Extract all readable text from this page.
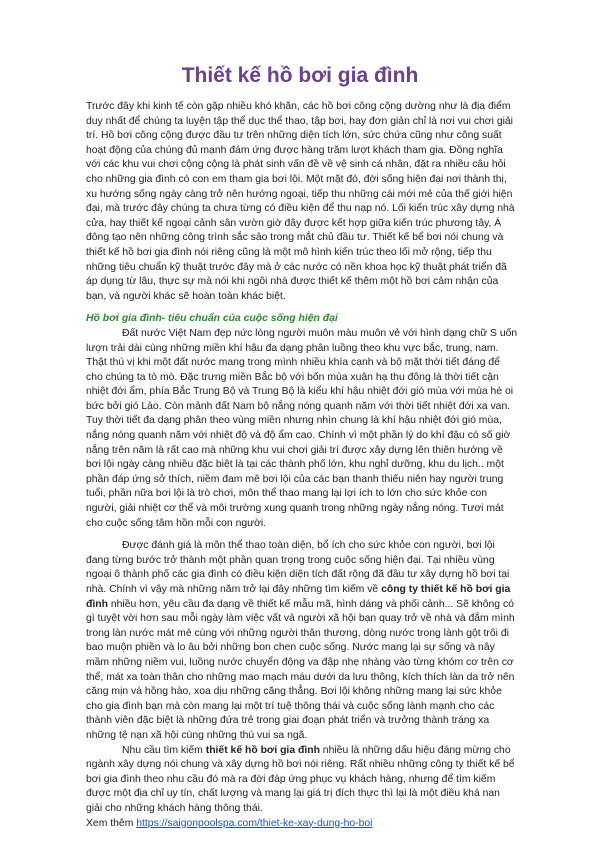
Thiết kế hồ bơi gia đình

Trước đây khi kinh tế còn gặp nhiều khó khăn, các hồ bơi công cộng dường như là địa điểm duy nhất để chúng ta luyện tập thể dục thể thao, tập bơi, hay đơn giản chỉ là nơi vui chơi giải trí. Hồ bơi công cộng được đầu tư trên những diện tích lớn, sức chứa cũng như công suất hoạt động của chúng đủ mạnh đám ứng được hàng trăm lượt khách tham gia. Đồng nghĩa với các khu vui chơi cộng cộng là phát sinh vấn đề về vệ sinh cá nhân, đặt ra nhiều câu hỏi cho những gia đình có con em tham gia bơi lội. Một mặt đó, đời sống hiện đại nơi thành thị, xu hướng sống ngày càng trở nên hướng ngoại, tiếp thu những cái mới mẻ của thế giới hiện đại, mà trước đây chúng ta chưa từng có điều kiện để thu nạp nó. Lối kiến trúc xây dựng nhà cửa, hay thiết kế ngoại cảnh sân vườn giờ đây được kết hợp giữa kiến trúc phương tây, Á đông tạo nên những công trình sắc sảo trong mắt chủ đầu tư. Thiết kế bể bơi nói chung và thiết kế hồ bơi gia đình nói riêng cũng là một mô hình kiến trúc theo lối mở rộng, tiếp thu những tiêu chuẩn kỹ thuật trước đây mà ở các nước có nền khoa học kỹ thuật phát triển đã áp dụng từ lâu, thực sự mà nói khi ngôi nhà được thiết kế thêm một hồ bơi cảm nhận của bạn, và người khác sẽ hoàn toàn khác biệt.

Hồ bơi gia đình- tiêu chuẩn của cuộc sống hiện đại

Đất nước Việt Nam đẹp nức lòng người muôn màu muôn vẻ với hình dạng chữ S uốn lượn trải dài cùng những miền khí hậu đa dạng phân luồng theo khu vực bắc, trung, nam. Thật thú vị khi một đất nước mang trong mình nhiều khía cạnh và bộ mặt thời tiết đáng để cho chúng ta tò mò. Đặc trưng miền Bắc bộ với bốn mùa xuân hạ thu đông là thời tiết cận nhiệt đới ẩm, phía Bắc Trung Bộ và Trung Bộ là kiểu khí hậu nhiệt đới gió mùa với mùa hè oi bức bởi gió Lào. Còn mảnh đất Nam bộ nắng nóng quanh năm với thời tiết nhiệt đới xa van. Tuy thời tiết đa dạng phân theo vùng miền nhưng nhìn chung là khí hậu nhiệt đới gió mùa, nắng nóng quanh năm với nhiệt độ và độ ẩm cao. Chính vì một phần lý do khí đậu có số giờ nắng trên năm là rất cao mà những khu vui chơi giải trí được xây dựng lên thiên hướng về bơi lội ngày càng nhiều đặc biệt là tại các thành phố lớn, khu nghỉ dưỡng, khu du lịch.. một phần đáp ứng sở thích, niềm đam mê bơi lội của các bạn thanh thiếu niên hay người trung tuổi, phần nữa bơi lội là trò chơi, môn thể thao mang lại lợi ích to lớn cho sức khỏe con người, giải nhiệt cơ thể và môi trường xung quanh trong những ngày nắng nóng. Tươi mát cho cuộc sống tâm hồn mỗi con người.

Được đánh giá là môn thể thao toàn diện, bổ ích cho sức khỏe con người, bơi lội đang từng bước trở thành một phần quan trọng trong cuộc sống hiện đại. Tại nhiều vùng ngoại ô thành phố các gia đình có điều kiện diện tích đất rộng đã đầu tư xây dựng hồ bơi tại nhà. Chính vì vậy mà những năm trở lại đây những tìm kiếm về công ty thiết kế hồ bơi gia đình nhiều hơn, yêu cầu đa dạng về thiết kế mẫu mã, hình dáng và phối cảnh... Sẽ không có gì tuyệt vời hơn sau mỗi ngày làm việc vất vả người xã hội bạn quay trở về nhà và đắm mình trong làn nước mát mẻ cùng với những người thân thương, dòng nước trong lành gột trôi đi bao muộn phiền và lo âu bởi những bon chen cuộc sống. Nước mang lại sự sống và nây mầm những niềm vui, luồng nước chuyển động va đập nhẹ nhàng vào từng khóm cơ trên cơ thể, mát xa toàn thân cho những mao mạch máu dưới da lưu thông, kích thích làn da trở nên căng mịn và hồng hào, xoa dịu những căng thẳng. Bơi lội không những mang lại sức khỏe cho gia đình bạn mà còn mang lại một trí tuệ thông thái và cuộc sống lành mạnh cho các thành viên đặc biệt là những đứa trẻ trong giai đoạn phát triển và trưởng thành tráng xa những tệ nạn xã hội cùng những thú vui sa ngã.

Nhu cầu tìm kiếm thiết kế hồ bơi gia đình nhiều là những dấu hiệu đáng mừng cho ngành xây dựng nói chung và xây dựng hồ bơi nói riêng. Rất nhiều những công ty thiết kế bể bơi gia đình theo nhu cầu đó mà ra đời đáp ứng phục vụ khách hàng, nhưng để tìm kiếm được một địa chỉ uy tín, chất lượng và mang lại giá trị đích thực thì lại là một điều khá nan giải cho những khách hàng thông thái.

Xem thêm https://saigonpoolspa.com/thiet-ke-xay-dung-ho-boi
